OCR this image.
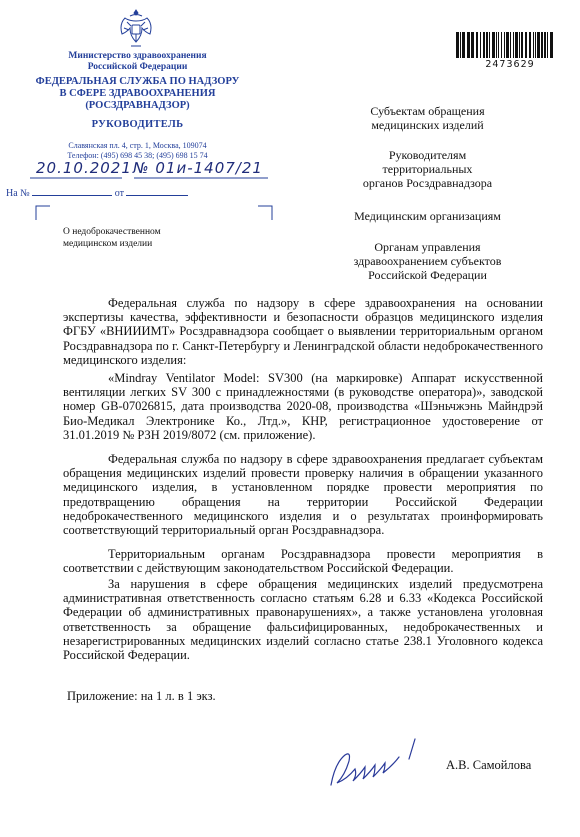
Министерство здравоохранения
Российской Федерации
ФЕДЕРАЛЬНАЯ СЛУЖБА ПО НАДЗОРУ
В СФЕРЕ ЗДРАВООХРАНЕНИЯ
(РОСЗДРАВНАДЗОР)
РУКОВОДИТЕЛЬ
Славянская пл. 4, стр. 1, Москва, 109074
Телефон: (495) 698 45 38; (495) 698 15 74
20.10.2021 № 01и-1407/21
На №	от
О недоброкачественном
медицинском изделии
2473629
Субъектам обращения
медицинских изделий
Руководителям
территориальных
органов Росздравнадзора
Медицинским организациям
Органам управления
здравоохранением субъектов
Российской Федерации

Федеральная служба по надзору в сфере здравоохранения на основании экспертизы качества, эффективности и безопасности образцов медицинского изделия ФГБУ «ВНИИИМТ» Росздравнадзора сообщает о выявлении территориальным органом Росздравнадзора по г. Санкт-Петербургу и Ленинградской области недоброкачественного медицинского изделия:

«Mindray Ventilator Model: SV300 (на маркировке) Аппарат искусственной вентиляции легких SV 300 с принадлежностями (в руководстве оператора)», заводской номер GB-07026815, дата производства 2020-08, производства «Шэньчжэнь Майндрэй Био-Медикал Электронике Ко., Лтд.», КНР, регистрационное удостоверение от 31.01.2019 № РЗН 2019/8072 (см. приложение).

Федеральная служба по надзору в сфере здравоохранения предлагает субъектам обращения медицинских изделий провести проверку наличия в обращении указанного медицинского изделия, в установленном порядке провести мероприятия по предотвращению обращения на территории Российской Федерации недоброкачественного медицинского изделия и о результатах проинформировать соответствующий территориальный орган Росздравнадзора.

Территориальным органам Росздравнадзора провести мероприятия в соответствии с действующим законодательством Российской Федерации.

За нарушения в сфере обращения медицинских изделий предусмотрена административная ответственность согласно статьям 6.28 и 6.33 «Кодекса Российской Федерации об административных правонарушениях», а также установлена уголовная ответственность за обращение фальсифицированных, недоброкачественных и незарегистрированных медицинских изделий согласно статье 238.1 Уголовного кодекса Российской Федерации.

Приложение: на 1 л. в 1 экз.
А.В. Самойлова
